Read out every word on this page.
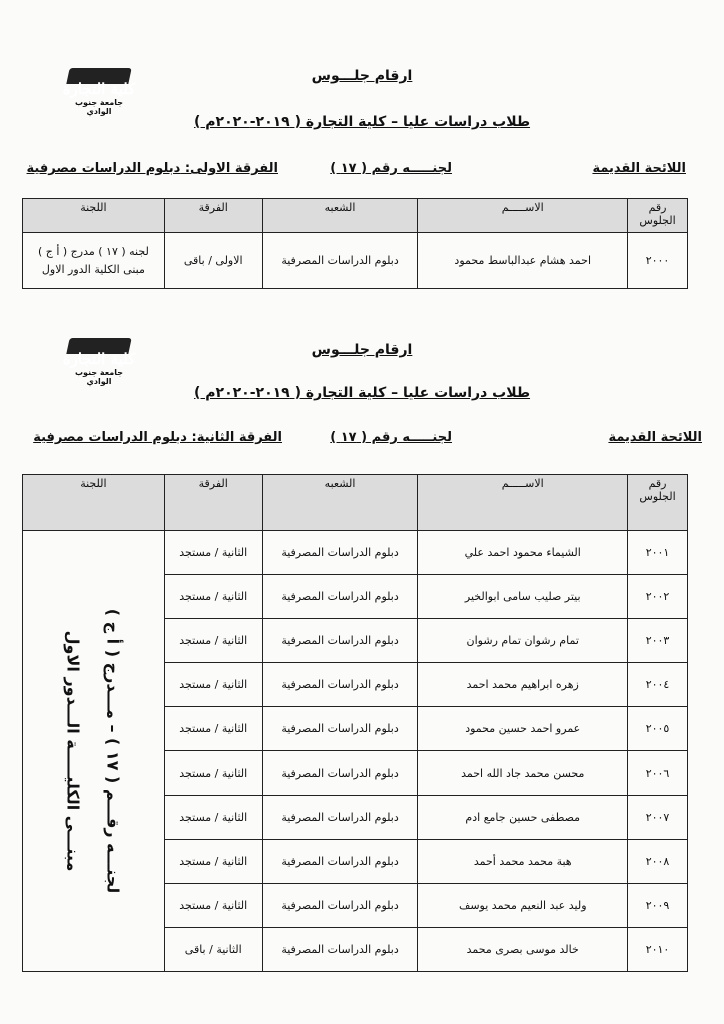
كلية التجارة
جامعة جنوب الوادي
ارقام جلـــوس
طلاب دراسات عليا – كلية التجارة ( ٢٠١٩-٢٠٢٠م )
اللائحة القديمة
لجنـــــه رقم ( ١٧ )
الفرقة الاولى: دبلوم الدراسات مصرفية
رقم الجلوس	الاســـــم	الشعبه	الفرقة	اللجنة
٢٠٠٠	احمد هشام عبدالباسط محمود	دبلوم الدراسات المصرفية	الاولى / باقى	لجنه ( ١٧ ) مدرج ( أ ج )
مبنى الكلية الدور الاول
كلية التجارة
جامعة جنوب الوادي
ارقام جلـــوس
طلاب دراسات عليا – كلية التجارة ( ٢٠١٩-٢٠٢٠م )
اللائحة القديمة
لجنـــــه رقم ( ١٧ )
الفرقة الثانية: دبلوم الدراسات مصرفية
رقم الجلوس	الاســـــم	الشعبه	الفرقة	اللجنة
٢٠٠١	الشيماء محمود احمد علي	دبلوم الدراسات المصرفية	الثانية / مستجد	لجنـــه رقـــم ( ١٧ ) – مـــدرج ( أ ج )
مبنـــى الكليـــــة الـــدور الاول

٢٠٠٢	بيتر صليب سامى ابوالخير	دبلوم الدراسات المصرفية	الثانية / مستجد	
٢٠٠٣	تمام رشوان تمام رشوان	دبلوم الدراسات المصرفية	الثانية / مستجد	
٢٠٠٤	زهره ابراهيم محمد احمد	دبلوم الدراسات المصرفية	الثانية / مستجد	
٢٠٠٥	عمرو احمد حسين محمود	دبلوم الدراسات المصرفية	الثانية / مستجد	
٢٠٠٦	محسن محمد جاد الله احمد	دبلوم الدراسات المصرفية	الثانية / مستجد	
٢٠٠٧	مصطفى حسين جامع ادم	دبلوم الدراسات المصرفية	الثانية / مستجد	
٢٠٠٨	هبة محمد محمد أحمد	دبلوم الدراسات المصرفية	الثانية / مستجد	
٢٠٠٩	وليد عبد النعيم محمد يوسف	دبلوم الدراسات المصرفية	الثانية / مستجد	
٢٠١٠	خالد موسى بصرى محمد	دبلوم الدراسات المصرفية	الثانية / باقى	
